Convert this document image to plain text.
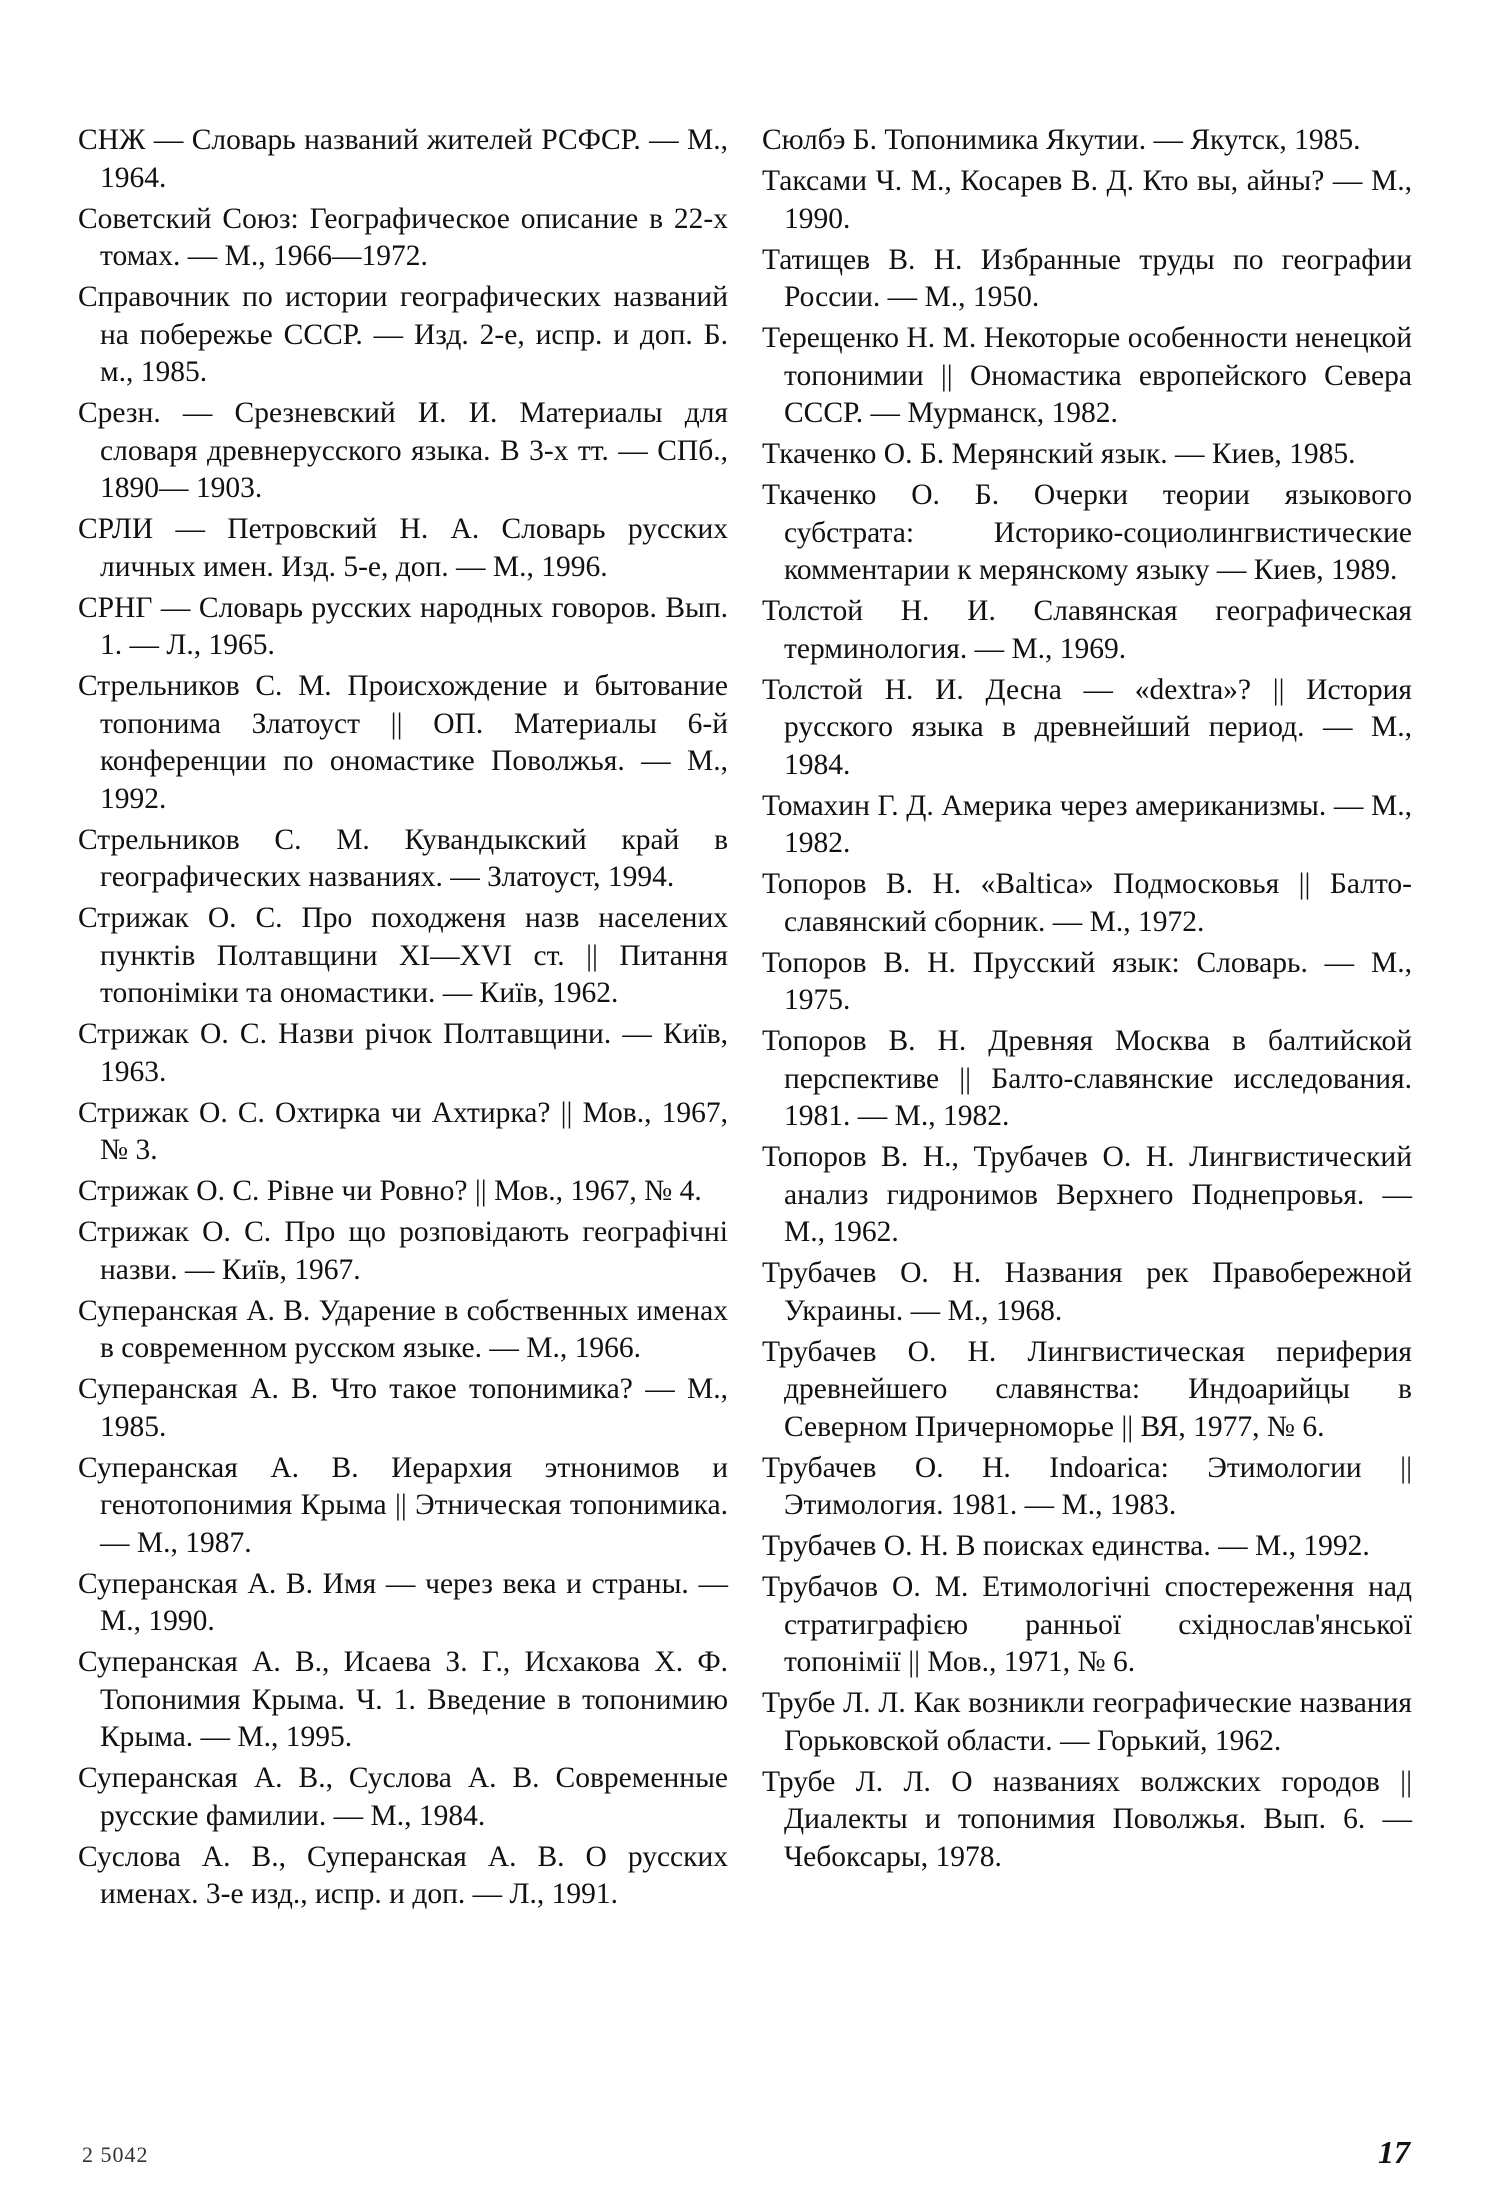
СНЖ — Словарь названий жителей РСФСР. — М., 1964.

Советский Союз: Географическое описание в 22-х томах. — М., 1966—1972.

Справочник по истории географических названий на побережье СССР. — Изд. 2-е, испр. и доп. Б. м., 1985.

Срезн. — Срезневский И. И. Материалы для словаря древнерусского языка. В 3-х тт. — СПб., 1890— 1903.

СРЛИ — Петровский Н. А. Словарь русских личных имен. Изд. 5-е, доп. — М., 1996.

СРНГ — Словарь русских народных говоров. Вып. 1. — Л., 1965.

Стрельников С. М. Происхождение и бытование топонима Златоуст || ОП. Материалы 6-й конференции по ономастике Поволжья. — М., 1992.

Стрельников С. М. Кувандыкский край в географических названиях. — Златоуст, 1994.

Стрижак О. С. Про походженя назв населених пунктів Полтавщини XI—XVI ст. || Питання топоніміки та ономастики. — Київ, 1962.

Стрижак О. С. Назви річок Полтавщини. — Київ, 1963.

Стрижак О. С. Охтирка чи Ахтирка? || Мов., 1967, № 3.

Стрижак О. С. Рівне чи Ровно? || Мов., 1967, № 4.

Стрижак О. С. Про що розповідають географічні назви. — Київ, 1967.

Суперанская А. В. Ударение в собственных именах в современном русском языке. — М., 1966.

Суперанская А. В. Что такое топонимика? — М., 1985.

Суперанская А. В. Иерархия этнонимов и генотопонимия Крыма || Этническая топонимика. — М., 1987.

Суперанская А. В. Имя — через века и страны. — М., 1990.

Суперанская А. В., Исаева З. Г., Исхакова Х. Ф. Топонимия Крыма. Ч. 1. Введение в топонимию Крыма. — М., 1995.

Суперанская А. В., Суслова А. В. Современные русские фамилии. — М., 1984.

Суслова А. В., Суперанская А. В. О русских именах. 3-е изд., испр. и доп. — Л., 1991.

Сюлбэ Б. Топонимика Якутии. — Якутск, 1985.

Таксами Ч. М., Косарев В. Д. Кто вы, айны? — М., 1990.

Татищев В. Н. Избранные труды по географии России. — М., 1950.

Терещенко Н. М. Некоторые особенности ненецкой топонимии || Ономастика европейского Севера СССР. — Мурманск, 1982.

Ткаченко О. Б. Мерянский язык. — Киев, 1985.

Ткаченко О. Б. Очерки теории языкового субстрата: Историко-социолингвистические комментарии к мерянскому языку — Киев, 1989.

Толстой Н. И. Славянская географическая терминология. — М., 1969.

Толстой Н. И. Десна — «dextra»? || История русского языка в древнейший период. — М., 1984.

Томахин Г. Д. Америка через американизмы. — М., 1982.

Топоров В. Н. «Baltica» Подмосковья || Балто-славянский сборник. — М., 1972.

Топоров В. Н. Прусский язык: Словарь. — М., 1975.

Топоров В. Н. Древняя Москва в балтийской перспективе || Балто-славянские исследования. 1981. — М., 1982.

Топоров В. Н., Трубачев О. Н. Лингвистический анализ гидронимов Верхнего Поднепровья. — М., 1962.

Трубачев О. Н. Названия рек Правобережной Украины. — М., 1968.

Трубачев О. Н. Лингвистическая периферия древнейшего славянства: Индоарийцы в Северном Причерноморье || ВЯ, 1977, № 6.

Трубачев О. Н. Indoarica: Этимологии || Этимология. 1981. — М., 1983.

Трубачев О. Н. В поисках единства. — М., 1992.

Трубачов О. М. Етимологічні спостереження над стратиграфією ранньої східнослав'янської топонімії || Мов., 1971, № 6.

Трубе Л. Л. Как возникли географические названия Горьковской области. — Горький, 1962.

Трубе Л. Л. О названиях волжских городов || Диалекты и топонимия Поволжья. Вып. 6. — Чебоксары, 1978.

2 5042	17
